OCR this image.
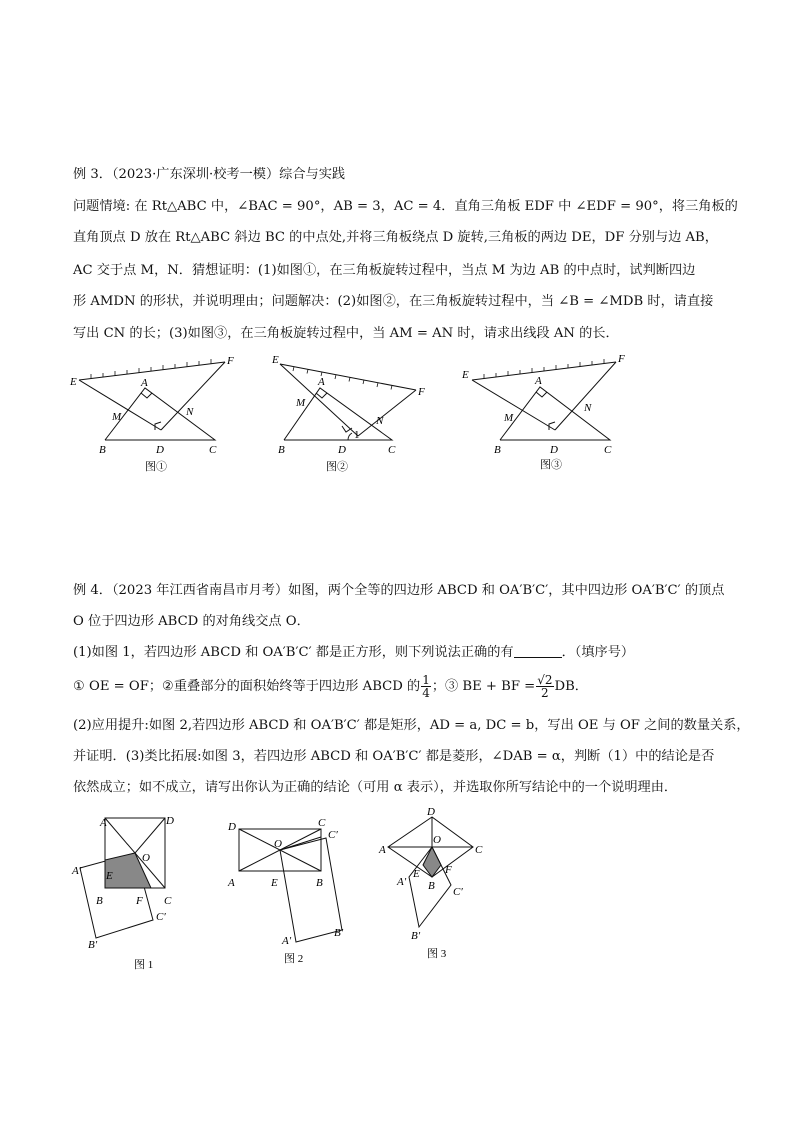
例 3．（2023·广东深圳·校考一模）综合与实践
问题情境: 在 Rt△ABC 中，∠BAC = 90°，AB = 3，AC = 4．直角三角板 EDF 中 ∠EDF = 90°，将三角板的
直角顶点 D 放在 Rt△ABC 斜边 BC 的中点处,并将三角板绕点 D 旋转,三角板的两边 DE，DF 分别与边 AB，
AC 交于点 M，N．猜想证明：(1)如图①，在三角板旋转过程中，当点 M 为边 AB 的中点时，试判断四边
形 AMDN 的形状，并说明理由；问题解决：(2)如图②，在三角板旋转过程中，当 ∠B = ∠MDB 时，请直接
写出 CN 的长；(3)如图③，在三角板旋转过程中，当 AM = AN 时，请求出线段 AN 的长．
E
F
A
M	N
B	D	C
图①
E
F
A
M
N
B	D	C
1
图②
E
F
A
M
N
B	D	C
图③
例 4．（2023 年江西省南昌市月考）如图，两个全等的四边形 ABCD 和 OA′B′C′，其中四边形 OA′B′C′ 的顶点
O 位于四边形 ABCD 的对角线交点 O．
(1)如图 1，若四边形 ABCD 和 OA′B′C′ 都是正方形，则下列说法正确的有	．（填序号）
① OE = OF；②重叠部分的面积始终等于四边形 ABCD 的 $\frac{1}{4}$ ；③ BE + BF = $\frac{√2}{2}$ DB．
(2)应用提升:如图 2,若四边形 ABCD 和 OA′B′C′ 都是矩形，AD = a, DC = b，写出 OE 与 OF 之间的数量关系，
并证明．(3)类比拓展:如图 3，若四边形 ABCD 和 OA′B′C′ 都是菱形，∠DAB = α，判断（1）中的结论是否
依然成立；如不成立，请写出你认为正确的结论（可用 α 表示），并选取你所写结论中的一个说明理由．
A	D
O
A′ E
B	F C
C′
B′
图 1
D	C
C′
O
A	E	B
A′
B′
图 2
D
A
O
C
E
B
F
A′
C′
B′
图 3
